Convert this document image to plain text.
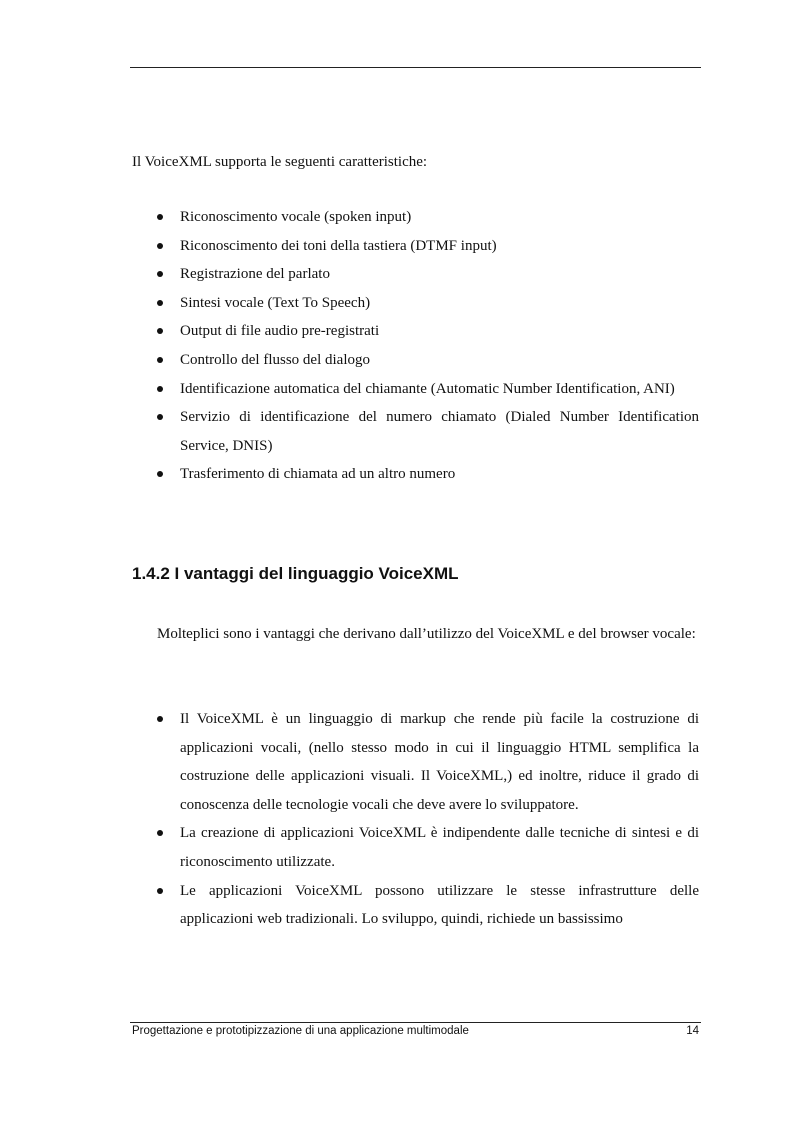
Il VoiceXML supporta le seguenti caratteristiche:

Riconoscimento vocale (spoken input)
Riconoscimento dei toni della tastiera (DTMF input)
Registrazione del parlato
Sintesi vocale (Text To Speech)
Output di file audio pre-registrati
Controllo del flusso del dialogo
Identificazione automatica del chiamante (Automatic Number Identification, ANI)
Servizio di identificazione del numero chiamato (Dialed Number Identification Service, DNIS)
Trasferimento di chiamata ad un altro numero
1.4.2 I vantaggi del linguaggio VoiceXML

Molteplici sono i vantaggi che derivano dall’utilizzo del VoiceXML e del browser vocale:

Il VoiceXML è un linguaggio di markup che rende più facile la costruzione di applicazioni vocali, (nello stesso modo in cui il linguaggio HTML semplifica la costruzione delle applicazioni visuali. Il VoiceXML,) ed inoltre, riduce il grado di conoscenza delle tecnologie vocali che deve avere lo sviluppatore.
La creazione di applicazioni VoiceXML è indipendente dalle tecniche di sintesi e di riconoscimento utilizzate.
Le applicazioni VoiceXML possono utilizzare le stesse infrastrutture delle applicazioni web tradizionali. Lo sviluppo, quindi, richiede un bassissimo
Progettazione e prototipizzazione di una applicazione multimodale	14
